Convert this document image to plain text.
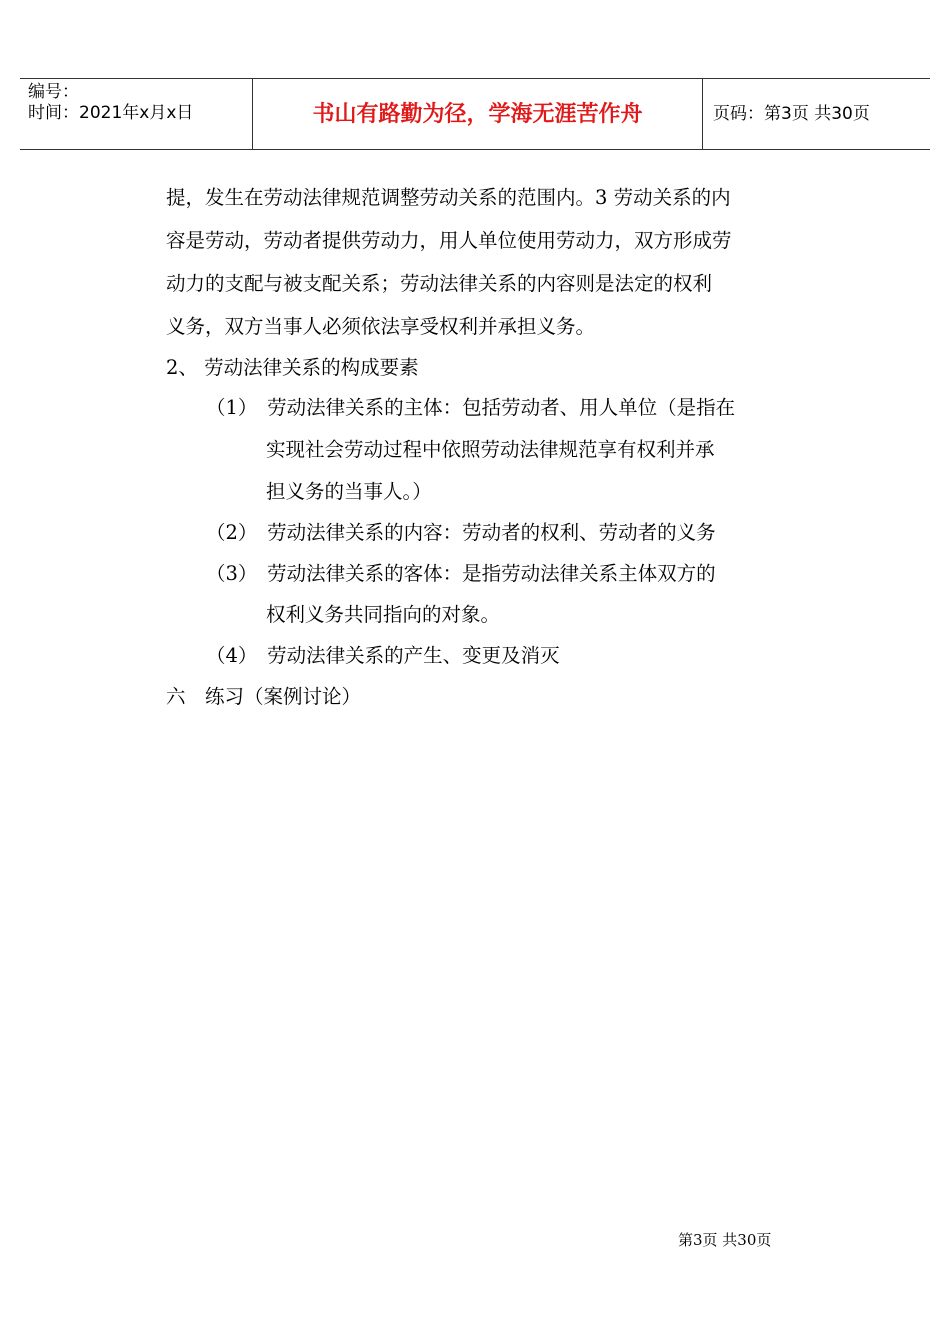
编号：
时间：2021年x月x日	书山有路勤为径，学海无涯苦作舟	页码：第3页 共30页
提，发生在劳动法律规范调整劳动关系的范围内。3 劳动关系的内
容是劳动，劳动者提供劳动力，用人单位使用劳动力，双方形成劳
动力的支配与被支配关系；劳动法律关系的内容则是法定的权利
义务，双方当事人必须依法享受权利并承担义务。
2、 劳动法律关系的构成要素
（1）　劳动法律关系的主体：包括劳动者、用人单位（是指在
实现社会劳动过程中依照劳动法律规范享有权利并承
担义务的当事人。）
（2）　劳动法律关系的内容：劳动者的权利、劳动者的义务
（3）　劳动法律关系的客体：是指劳动法律关系主体双方的
权利义务共同指向的对象。
（4）　劳动法律关系的产生、变更及消灭
六　练习（案例讨论）
第3页 共30页
